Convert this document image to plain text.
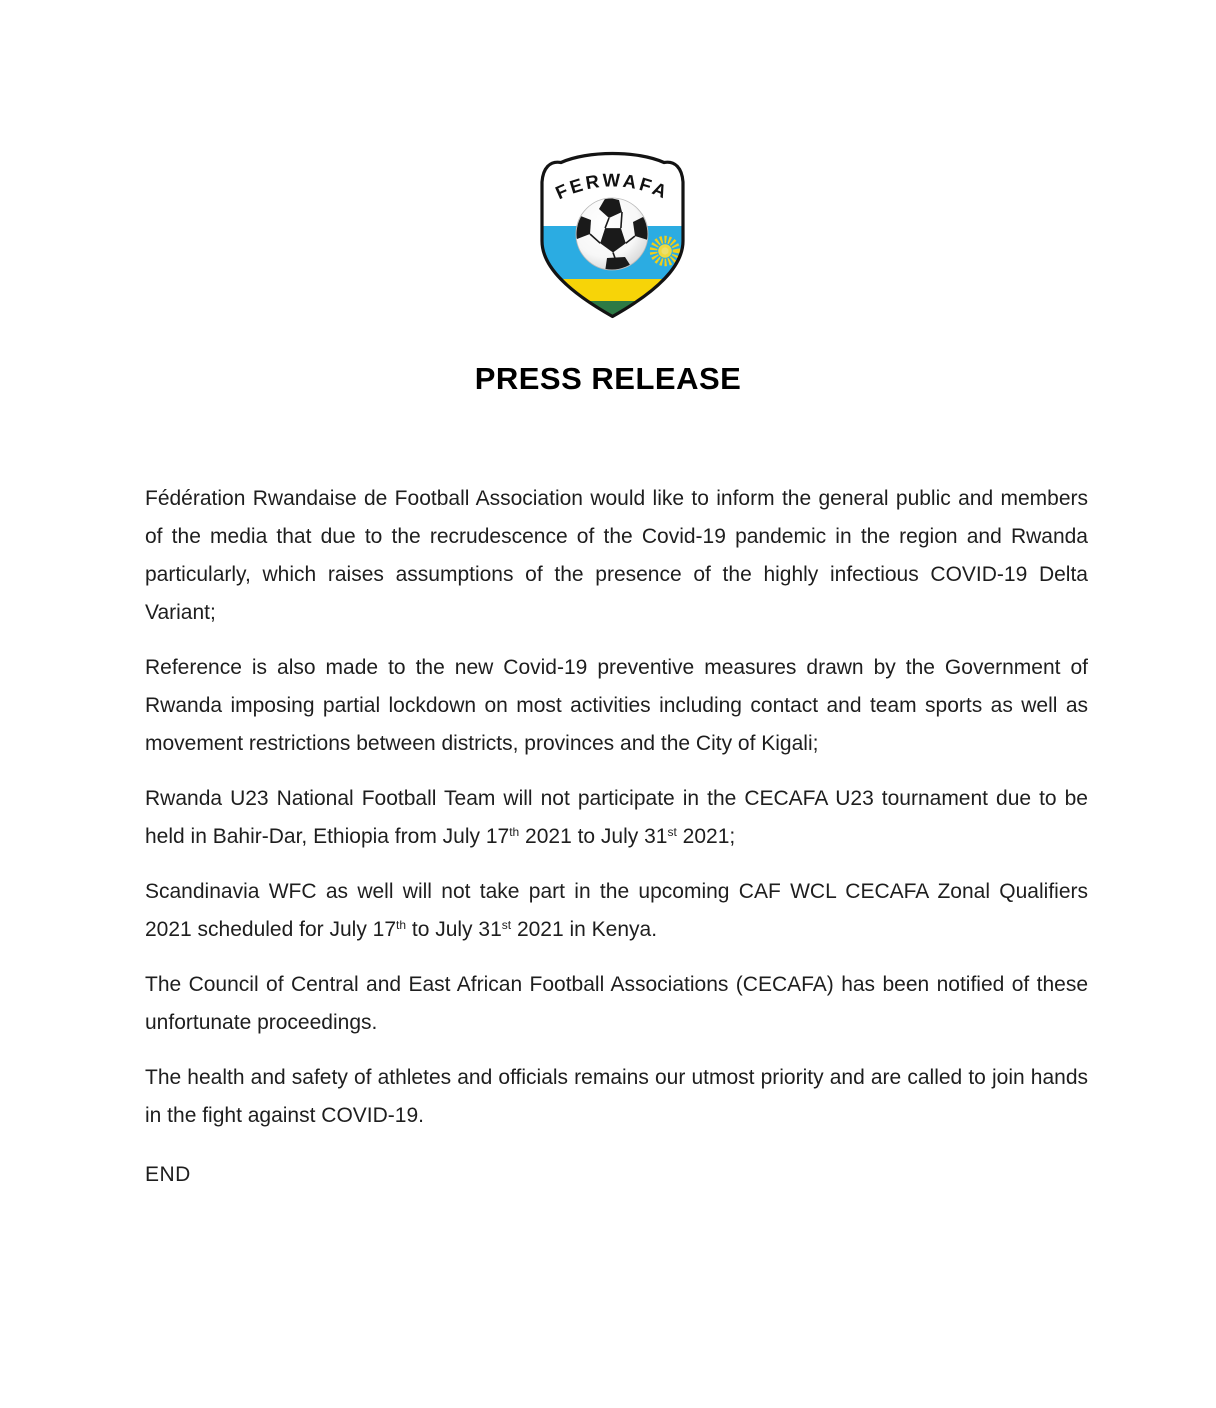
FERWAFA
PRESS RELEASE

Fédération Rwandaise de Football Association would like to inform the general public and members of the media that due to the recrudescence of the Covid-19 pandemic in the region and Rwanda particularly, which raises assumptions of the presence of the highly infectious COVID-19 Delta Variant;

Reference is also made to the new Covid-19 preventive measures drawn by the Government of Rwanda imposing partial lockdown on most activities including contact and team sports as well as movement restrictions between districts, provinces and the City of Kigali;

Rwanda U23 National Football Team will not participate in the CECAFA U23 tournament due to be held in Bahir-Dar, Ethiopia from July 17th 2021 to July 31st 2021;

Scandinavia WFC as well will not take part in the upcoming CAF WCL CECAFA Zonal Qualifiers 2021 scheduled for July 17th to July 31st 2021 in Kenya.

The Council of Central and East African Football Associations (CECAFA) has been notified of these unfortunate proceedings.

The health and safety of athletes and officials remains our utmost priority and are called to join hands in the fight against COVID-19.

END
